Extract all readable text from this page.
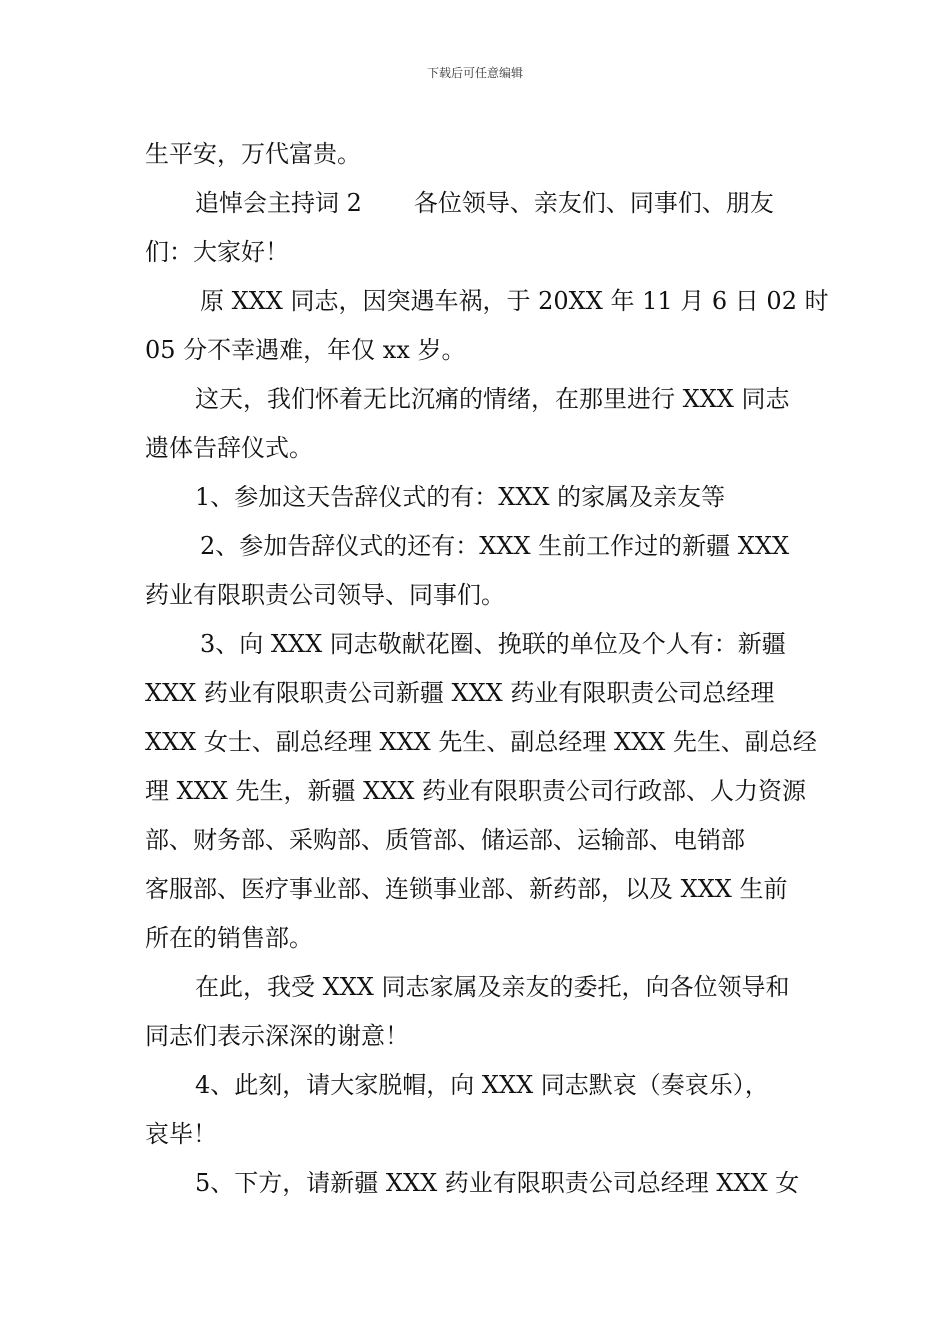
下载后可任意编辑
生平安，万代富贵。
追悼会主持词 2 各位领导、亲友们、同事们、朋友
们：大家好！
原 XXX 同志，因突遇车祸，于 20XX 年 11 月 6 日 02 时
05 分不幸遇难，年仅 xx 岁。
这天，我们怀着无比沉痛的情绪，在那里进行 XXX 同志
遗体告辞仪式。
1、参加这天告辞仪式的有：XXX 的家属及亲友等
2、参加告辞仪式的还有：XXX 生前工作过的新疆 XXX
药业有限职责公司领导、同事们。
3、向 XXX 同志敬献花圈、挽联的单位及个人有：新疆
XXX 药业有限职责公司新疆 XXX 药业有限职责公司总经理
XXX 女士、副总经理 XXX 先生、副总经理 XXX 先生、副总经
理 XXX 先生，新疆 XXX 药业有限职责公司行政部、人力资源
部、财务部、采购部、质管部、储运部、运输部、电销部
客服部、医疗事业部、连锁事业部、新药部，以及 XXX 生前
所在的销售部。
在此，我受 XXX 同志家属及亲友的委托，向各位领导和
同志们表示深深的谢意！
4、此刻，请大家脱帽，向 XXX 同志默哀（奏哀乐），
哀毕！
5、下方，请新疆 XXX 药业有限职责公司总经理 XXX 女
